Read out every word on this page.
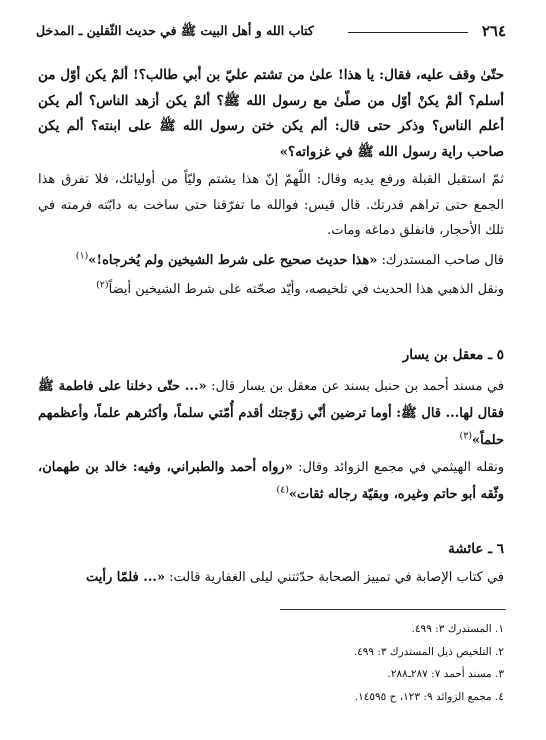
٢٦٤
كتاب الله و أهل البيت ﷺ في حديث الثّقلين ـ المدخل

حتّیٰ وقف عليه، فقال: يا هذا! علىٰ من تشتم عليّ بن أبي طالب؟! ألمْ يكن أوّل من أسلم؟ ألمْ يكنْ أوّل من صلّىٰ مع رسول الله ﷺ؟ ألمْ يكن أزهد الناس؟ ألم يكن أعلم الناس؟ وذكر حتى قال: ألم يكن ختن رسول الله ﷺ على ابنته؟ ألم يكن صاحب راية رسول الله ﷺ في غزواته؟»

ثمّ استقبل القبلة ورفع يديه وقال: اللّهمّ إنّ هذا يشتم وليّاً من أوليائك، فلا تفرق هذا الجمع حتى تراهم قدرتك. قال قيس: فوالله ما تفرّقنا حتى ساخت به دابّته فرمته في تلك الأحجار، فانفلق دماغه ومات.

قال صاحب المستدرك: «هذا حديث صحيح على شرط الشيخين ولم يُخرجاه!»$^{(١)}$

ونقل الذهبي هذا الحديث في تلخيصه، وأيّد صحّته على شرط الشيخين أيضاً$^{(٢)}$

٥ ـ معقل بن يسار

في مسند أحمد بن حنبل بسند عن معقل بن يسار قال: «... حتّى دخلنا على فاطمة ﷺ فقال لها... قال ﷺ: أوما ترضين أنّي زوّجتك أقدم أُمّتي سلماً، وأكثرهم علماً، وأعظمهم حلماً»$^{(٣)}$

ونقله الهيثمي في مجمع الزوائد وقال: «رواه أحمد والطبراني، وفيه: خالد بن طهمان، وثّقه أبو حاتم وغيره، وبقيّة رجاله ثقات»$^{(٤)}$

٦ ـ عائشة

في كتاب الإصابة في تمييز الصحابة حدّثتني ليلى الغفارية قالت: «... فلمّا رأيت

١. المستدرك ٣: ٤٩٩.
٢. التلخيص ذيل المستدرك ٣: ٤٩٩.
٣. مسند أحمد ٧: ٢٨٧ـ٢٨٨.
٤. مجمع الزوائد ٩: ١٢٣، ح ١٤٥٩٥.
